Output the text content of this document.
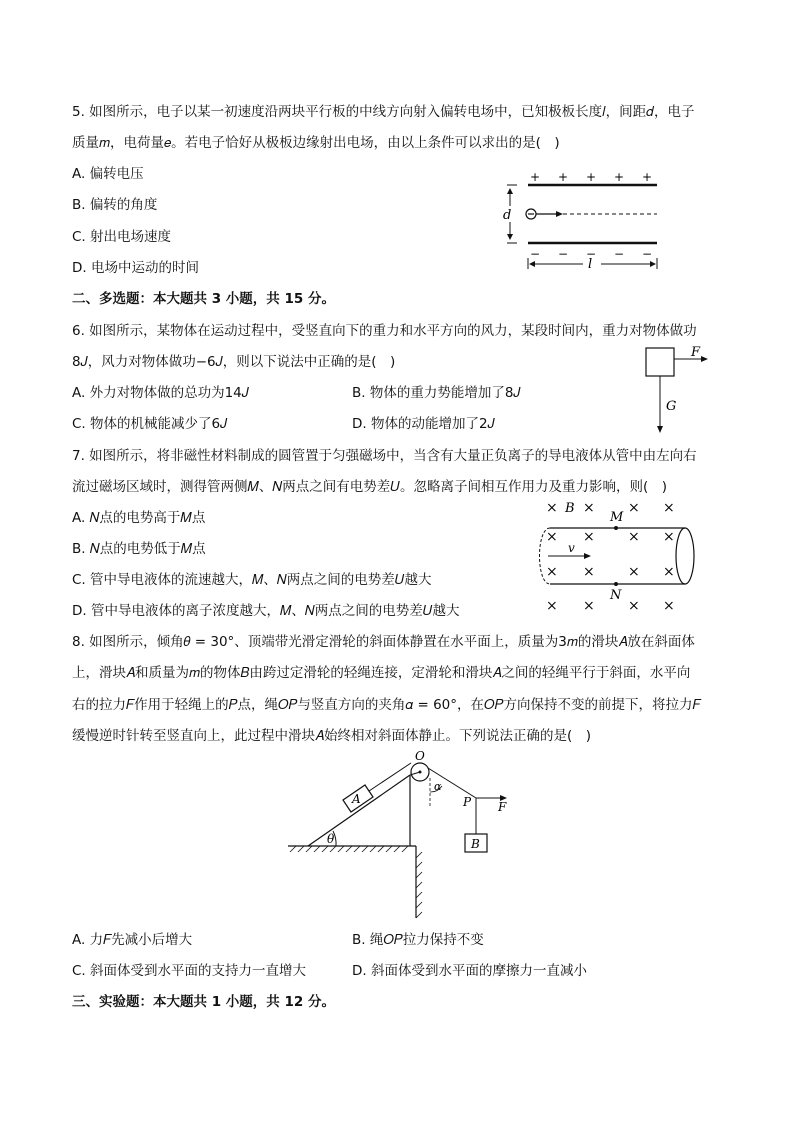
5. 如图所示，电子以某一初速度沿两块平行板的中线方向射入偏转电场中，已知极板长度𝑙，间距𝑑，电子
质量𝑚，电荷量𝑒。若电子恰好从极板边缘射出电场，由以上条件可以求出的是(　)
A. 偏转电压
B. 偏转的角度
C. 射出电场速度
D. 电场中运动的时间
+ + + + +
− − − − −
d
l
二、多选题：本大题共 3 小题，共 15 分。
6. 如图所示，某物体在运动过程中，受竖直向下的重力和水平方向的风力，某段时间内，重力对物体做功
8𝐽，风力对物体做功−6𝐽，则以下说法中正确的是(　)
A. 外力对物体做的总功为14𝐽	B. 物体的重力势能增加了8𝐽
C. 物体的机械能减少了6𝐽	D. 物体的动能增加了2𝐽
F
G
7. 如图所示，将非磁性材料制成的圆管置于匀强磁场中，当含有大量正负离子的导电液体从管中由左向右
流过磁场区域时，测得管两侧𝑀、𝑁两点之间有电势差𝑈。忽略离子间相互作用力及重力影响，则(　)
A. 𝑁点的电势高于𝑀点
B. 𝑁点的电势低于𝑀点
C. 管中导电液体的流速越大，𝑀、𝑁两点之间的电势差𝑈越大
D. 管中导电液体的离子浓度越大，𝑀、𝑁两点之间的电势差𝑈越大
× B ×
M
× ×
× × × ×
v
×
×	× ×
N
× × × ×
8. 如图所示，倾角𝜃 = 30°、顶端带光滑定滑轮的斜面体静置在水平面上，质量为3𝑚的滑块𝐴放在斜面体
上，滑块𝐴和质量为𝑚的物体𝐵由跨过定滑轮的轻绳连接，定滑轮和滑块𝐴之间的轻绳平行于斜面，水平向
右的拉力𝐹作用于轻绳上的𝑃点，绳𝑂𝑃与竖直方向的夹角𝛼 = 60°，在𝑂𝑃方向保持不变的前提下，将拉力𝐹
缓慢逆时针转至竖直向上，此过程中滑块𝐴始终相对斜面体静止。下列说法正确的是(　)
θ
A
O
α
P F
B
A. 力𝐹先减小后增大	B. 绳𝑂𝑃拉力保持不变
C. 斜面体受到水平面的支持力一直增大	D. 斜面体受到水平面的摩擦力一直减小
三、实验题：本大题共 1 小题，共 12 分。
